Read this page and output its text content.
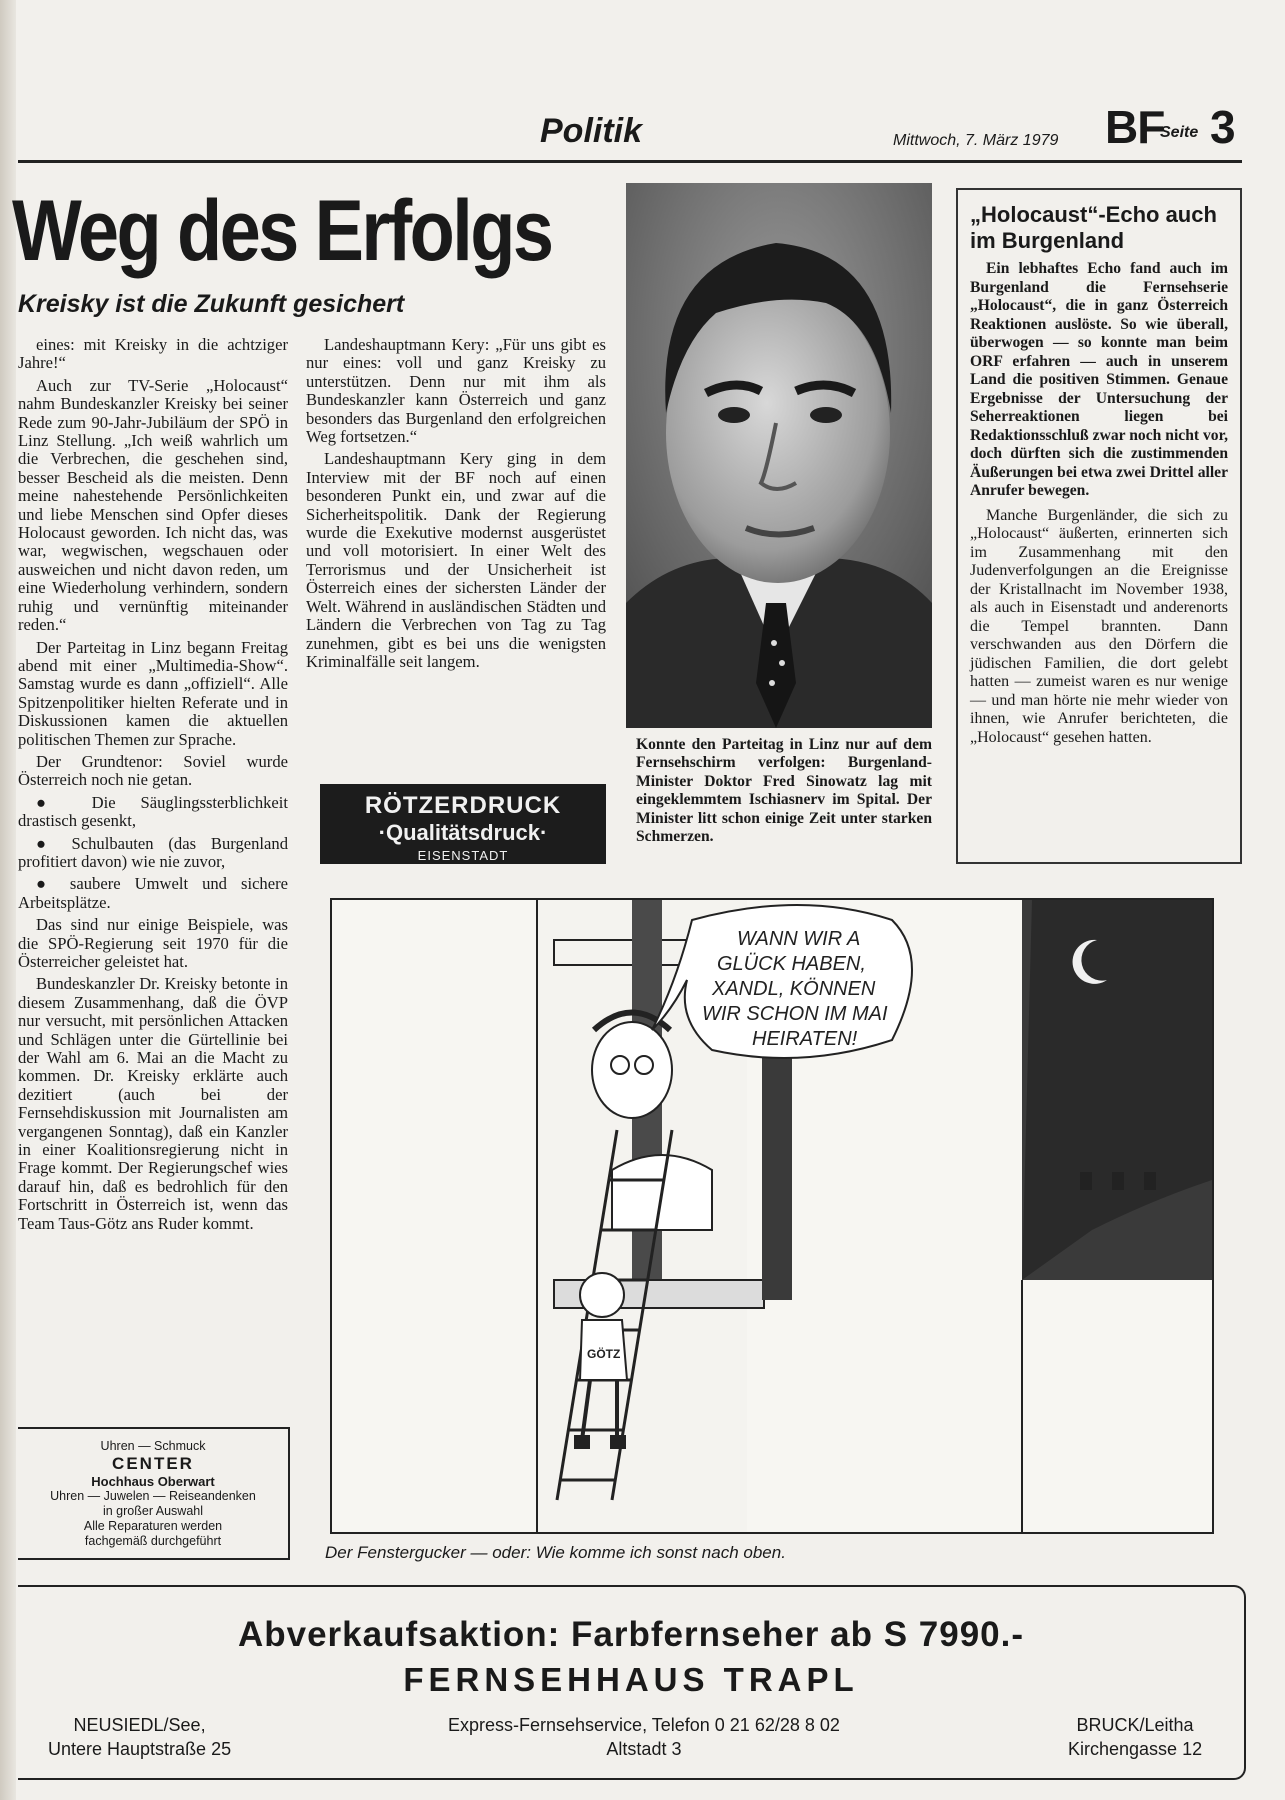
Politik	Mittwoch, 7. März 1979 BF
Seite 3
Weg des Erfolgs
Kreisky ist die Zukunft gesichert

eines: mit Kreisky in die achtziger Jahre!“

Auch zur TV-Serie „Holocaust“ nahm Bundeskanzler Kreisky bei seiner Rede zum 90-Jahr-Jubiläum der SPÖ in Linz Stellung. „Ich weiß wahrlich um die Verbrechen, die geschehen sind, besser Bescheid als die meisten. Denn meine nahestehende Persönlichkeiten und liebe Menschen sind Opfer dieses Holocaust geworden. Ich nicht das, was war, wegwischen, wegschauen oder ausweichen und nicht davon reden, um eine Wiederholung verhindern, sondern ruhig und vernünftig miteinander reden.“

Der Parteitag in Linz begann Freitag abend mit einer „Multimedia-Show“. Samstag wurde es dann „offiziell“. Alle Spitzenpolitiker hielten Referate und in Diskussionen kamen die aktuellen politischen Themen zur Sprache.

Der Grundtenor: Soviel wurde Österreich noch nie getan.

● Die Säuglingssterblichkeit drastisch gesenkt,

● Schulbauten (das Burgenland profitiert davon) wie nie zuvor,

● saubere Umwelt und sichere Arbeitsplätze.

Das sind nur einige Beispiele, was die SPÖ-Regierung seit 1970 für die Österreicher geleistet hat.

Bundeskanzler Dr. Kreisky betonte in diesem Zusammenhang, daß die ÖVP nur versucht, mit persönlichen Attacken und Schlägen unter die Gürtellinie bei der Wahl am 6. Mai an die Macht zu kommen. Dr. Kreisky erklärte auch dezitiert (auch bei der Fernsehdiskussion mit Journalisten am vergangenen Sonntag), daß ein Kanzler in einer Koalitionsregierung nicht in Frage kommt. Der Regierungschef wies darauf hin, daß es bedrohlich für den Fortschritt in Österreich ist, wenn das Team Taus-Götz ans Ruder kommt.

Landeshauptmann Kery: „Für uns gibt es nur eines: voll und ganz Kreisky zu unterstützen. Denn nur mit ihm als Bundeskanzler kann Österreich und ganz besonders das Burgenland den erfolgreichen Weg fortsetzen.“

Landeshauptmann Kery ging in dem Interview mit der BF noch auf einen besonderen Punkt ein, und zwar auf die Sicherheitspolitik. Dank der Regierung wurde die Exekutive modernst ausgerüstet und voll motorisiert. In einer Welt des Terrorismus und der Unsicherheit ist Österreich eines der sichersten Länder der Welt. Während in ausländischen Städten und Ländern die Verbrechen von Tag zu Tag zunehmen, gibt es bei uns die wenigsten Kriminalfälle seit langem.

RÖTZERDRUCK
·Qualitätsdruck·
EISENSTADT
Konnte den Parteitag in Linz nur auf dem Fernsehschirm verfolgen: Burgenland-Minister Doktor Fred Sinowatz lag mit eingeklemmtem Ischiasnerv im Spital. Der Minister litt schon einige Zeit unter starken Schmerzen.
„Holocaust“-Echo auch im Burgenland

Ein lebhaftes Echo fand auch im Burgenland die Fernsehserie „Holocaust“, die in ganz Österreich Reaktionen auslöste. So wie überall, überwogen — so konnte man beim ORF erfahren — auch in unserem Land die positiven Stimmen. Genaue Ergebnisse der Untersuchung der Seherreaktionen liegen bei Redaktionsschluß zwar noch nicht vor, doch dürften sich die zustimmenden Äußerungen bei etwa zwei Drittel aller Anrufer bewegen.

Manche Burgenländer, die sich zu „Holocaust“ äußerten, erinnerten sich im Zusammenhang mit den Judenverfolgungen an die Ereignisse der Kristallnacht im November 1938, als auch in Eisenstadt und anderenorts die Tempel brannten. Dann verschwanden aus den Dörfern die jüdischen Familien, die dort gelebt hatten — zumeist waren es nur wenige — und man hörte nie mehr wieder von ihnen, wie Anrufer berichteten, die „Holocaust“ gesehen hatten.

GÖTZ
WANN WIR A GLÜCK HABEN, XANDL, KÖNNEN WIR SCHON IM MAI HEIRATEN!
Der Fenstergucker — oder: Wie komme ich sonst nach oben.
Uhren — Schmuck
CENTER
Hochhaus Oberwart
Uhren — Juwelen — Reiseandenken
in großer Auswahl
Alle Reparaturen werden
fachgemäß durchgeführt
Abverkaufsaktion: Farbfernseher ab S 7990.-
FERNSEHHAUS TRAPL
NEUSIEDL/See,
Untere Hauptstraße 25
Express-Fernsehservice, Telefon 0 21 62/28 8 02
Altstadt 3
BRUCK/Leitha
Kirchengasse 12
